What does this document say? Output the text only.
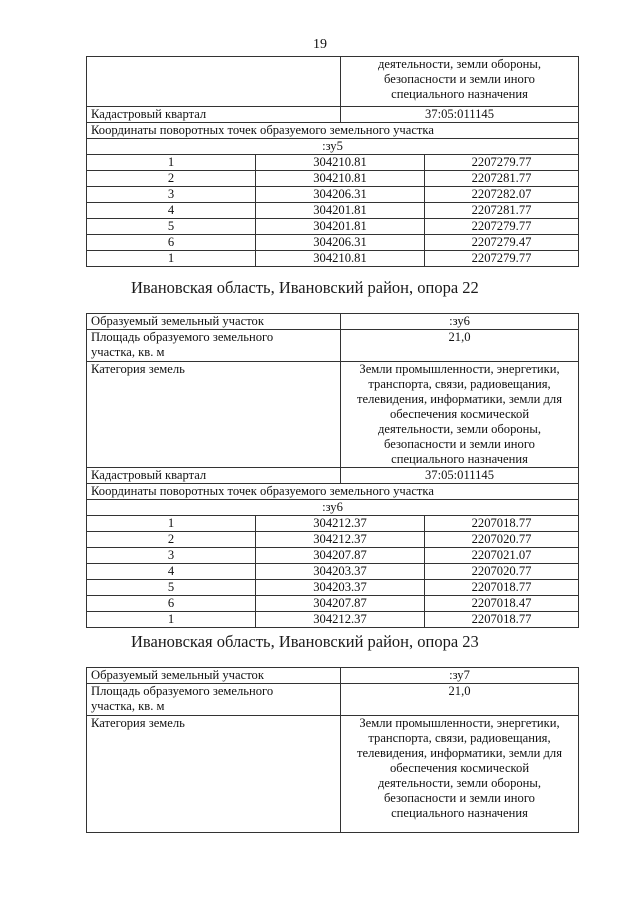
19

		деятельности, земли обороны,
безопасности и земли иного
специального назначения	

Кадастровый квартал		37:05:011145	
Координаты поворотных точек образуемого земельного участка			
:зу5			
1	304210.81		2207279.77
2	304210.81		2207281.77
3	304206.31		2207282.07
4	304201.81		2207281.77
5	304201.81		2207279.77
6	304206.31		2207279.47
1	304210.81		2207279.77
Ивановская область, Ивановский район, опора 22
Образуемый земельный участок		:зу6	

Площадь образуемого земельного
участка, кв. м		21,0	
Категория земель	Земли промышленности, энергетики,
транспорта, связи, радиовещания,
телевидения, информатики, земли для
обеспечения космической
деятельности, земли обороны,
безопасности и земли иного
специального назначения

Кадастровый квартал		37:05:011145	
Координаты поворотных точек образуемого земельного участка			
:зу6			
1	304212.37		2207018.77
2	304212.37		2207020.77
3	304207.87		2207021.07
4	304203.37		2207020.77
5	304203.37		2207018.77
6	304207.87		2207018.47
1	304212.37		2207018.77
Ивановская область, Ивановский район, опора 23
Образуемый земельный участок	:зу7

Площадь образуемого земельного
участка, кв. м	21,0
Категория земель	Земли промышленности, энергетики,
транспорта, связи, радиовещания,
телевидения, информатики, земли для
обеспечения космической
деятельности, земли обороны,
безопасности и земли иного
специального назначения
